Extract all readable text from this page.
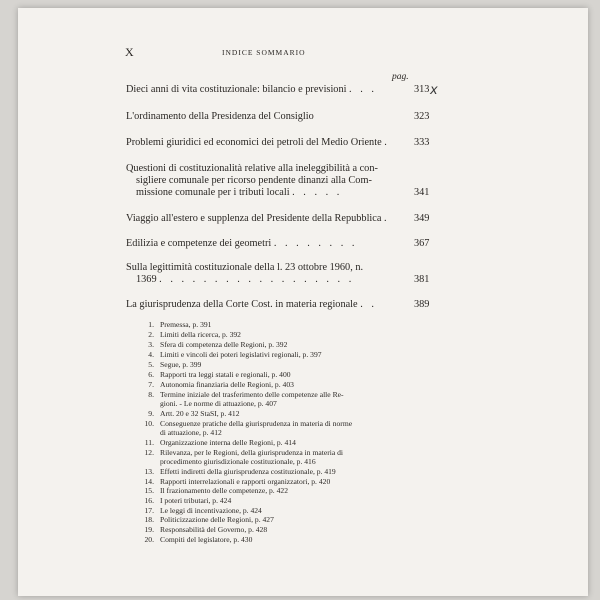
X	INDICE SOMMARIO
pag.
x
Dieci anni di vita costituzionale: bilancio e previsioni . . .	313
L'ordinamento della Presidenza del Consiglio	323
Problemi giuridici ed economici dei petroli del Medio Oriente .	333
Questioni di costituzionalità relative alla ineleggibilità a con-
sigliere comunale per ricorso pendente dinanzi alla Com-
missione comunale per i tributi locali . . . . .	341
Viaggio all'estero e supplenza del Presidente della Repubblica .	349
Edilizia e competenze dei geometri . . . . . . . .	367
Sulla legittimità costituzionale della l. 23 ottobre 1960, n.
1369 . . . . . . . . . . . . . . . . . .	381
La giurisprudenza della Corte Cost. in materia regionale . .	389
1. Premessa, p. 391
2. Limiti della ricerca, p. 392
3. Sfera di competenza delle Regioni, p. 392
4. Limiti e vincoli dei poteri legislativi regionali, p. 397
5. Segue, p. 399
6. Rapporti tra leggi statali e regionali, p. 400
7. Autonomia finanziaria delle Regioni, p. 403
8. Termine iniziale del trasferimento delle competenze alle Re-
gioni. - Le norme di attuazione, p. 407
9. Artt. 20 e 32 StaSI, p. 412
10. Conseguenze pratiche della giurisprudenza in materia di norme
di attuazione, p. 412
11. Organizzazione interna delle Regioni, p. 414
12. Rilevanza, per le Regioni, della giurisprudenza in materia di
procedimento giurisdizionale costituzionale, p. 416
13. Effetti indiretti della giurisprudenza costituzionale, p. 419
14. Rapporti interrelazionali e rapporti organizzatori, p. 420
15. Il frazionamento delle competenze, p. 422
16. I poteri tributari, p. 424
17. Le leggi di incentivazione, p. 424
18. Politicizzazione delle Regioni, p. 427
19. Responsabilità del Governo, p. 428
20. Compiti del legislatore, p. 430
